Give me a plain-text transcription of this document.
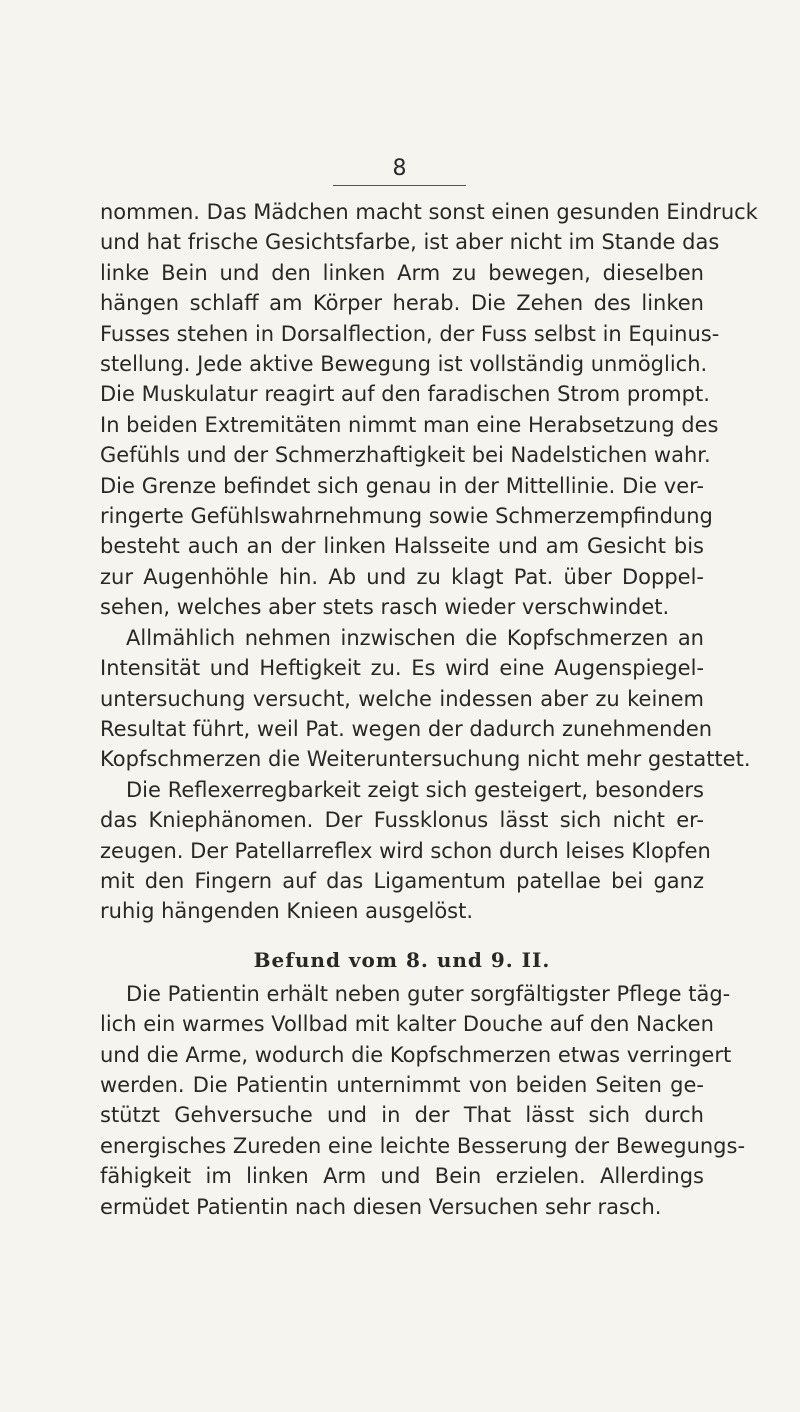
8
nommen. Das Mädchen macht sonst einen gesunden Eindruck
und hat frische Gesichtsfarbe, ist aber nicht im Stande das
linke Bein und den linken Arm zu bewegen, dieselben
hängen schlaff am Körper herab. Die Zehen des linken
Fusses stehen in Dorsalflection, der Fuss selbst in Equinus-
stellung. Jede aktive Bewegung ist vollständig unmöglich.
Die Muskulatur reagirt auf den faradischen Strom prompt.
In beiden Extremitäten nimmt man eine Herabsetzung des
Gefühls und der Schmerzhaftigkeit bei Nadelstichen wahr.
Die Grenze befindet sich genau in der Mittellinie. Die ver-
ringerte Gefühlswahrnehmung sowie Schmerzempfindung
besteht auch an der linken Halsseite und am Gesicht bis
zur Augenhöhle hin. Ab und zu klagt Pat. über Doppel-
sehen, welches aber stets rasch wieder verschwindet.
Allmählich nehmen inzwischen die Kopfschmerzen an
Intensität und Heftigkeit zu. Es wird eine Augenspiegel-
untersuchung versucht, welche indessen aber zu keinem
Resultat führt, weil Pat. wegen der dadurch zunehmenden
Kopfschmerzen die Weiteruntersuchung nicht mehr gestattet.
Die Reflexerregbarkeit zeigt sich gesteigert, besonders
das Kniephänomen. Der Fussklonus lässt sich nicht er-
zeugen. Der Patellarreflex wird schon durch leises Klopfen
mit den Fingern auf das Ligamentum patellae bei ganz
ruhig hängenden Knieen ausgelöst.
Befund vom 8. und 9. II.
Die Patientin erhält neben guter sorgfältigster Pflege täg-
lich ein warmes Vollbad mit kalter Douche auf den Nacken
und die Arme, wodurch die Kopfschmerzen etwas verringert
werden. Die Patientin unternimmt von beiden Seiten ge-
stützt Gehversuche und in der That lässt sich durch
energisches Zureden eine leichte Besserung der Bewegungs-
fähigkeit im linken Arm und Bein erzielen. Allerdings
ermüdet Patientin nach diesen Versuchen sehr rasch.
